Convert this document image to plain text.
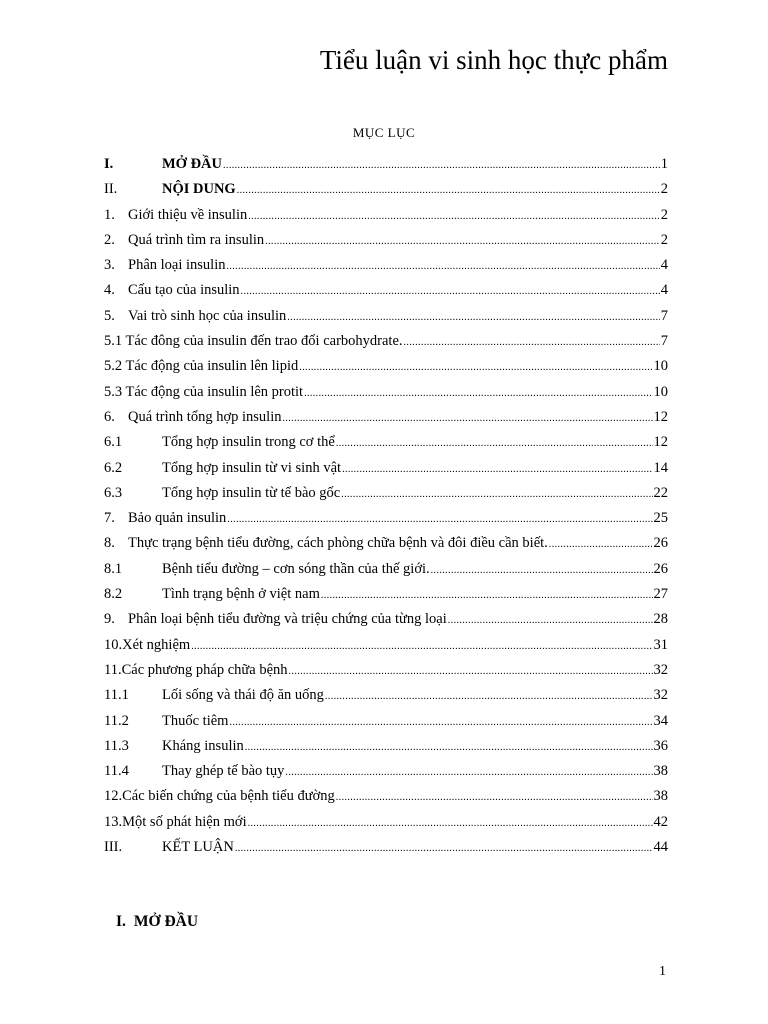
Tiểu luận vi sinh học thực phẩm
MỤC LỤC
I.	MỞ ĐẦU .....	1
II.	NỘI DUNG .....	2
1. Giới thiệu về insulin .....	2
2. Quá trình tìm ra insulin .....	2
3. Phân loại insulin .....	4
4. Cấu tạo của insulin .....	4
5. Vai trò sinh học của insulin .....	7
5.1 Tác đông của insulin đến trao đổi carbohydrate. .....	7
5.2 Tác động của insulin lên lipid .....	10
5.3 Tác động của insulin lên protit .....	10
6. Quá trình tổng hợp insulin .....	12
6.1	Tổng hợp insulin trong cơ thể .....	12
6.2	Tổng hợp insulin từ vi sinh vật .....	14
6.3	Tổng hợp insulin từ tế bào gốc .....	22
7. Bảo quản insulin .....	25
8. Thực trạng bệnh tiểu đường, cách phòng chữa bệnh và đôi điều cần biết. .....	26
8.1	Bệnh tiểu đường – cơn sóng thần của thế giới. .....	26
8.2	Tình trạng bệnh ở việt nam .....	27
9. Phân loại bệnh tiểu đường và triệu chứng của từng loại .....	28
10. Xét nghiệm .....	31
11. Các phương pháp chữa bệnh .....	32
11.1	Lối sống và thái độ ăn uống .....	32
11.2	Thuốc tiêm .....	34
11.3	Kháng insulin .....	36
11.4	Thay ghép tế bào tụy .....	38
12. Các biến chứng của bệnh tiểu đường .....	38
13. Một số phát hiện mới .....	42
III.	KẾT LUẬN .....	44
I. MỞ ĐẦU
1
